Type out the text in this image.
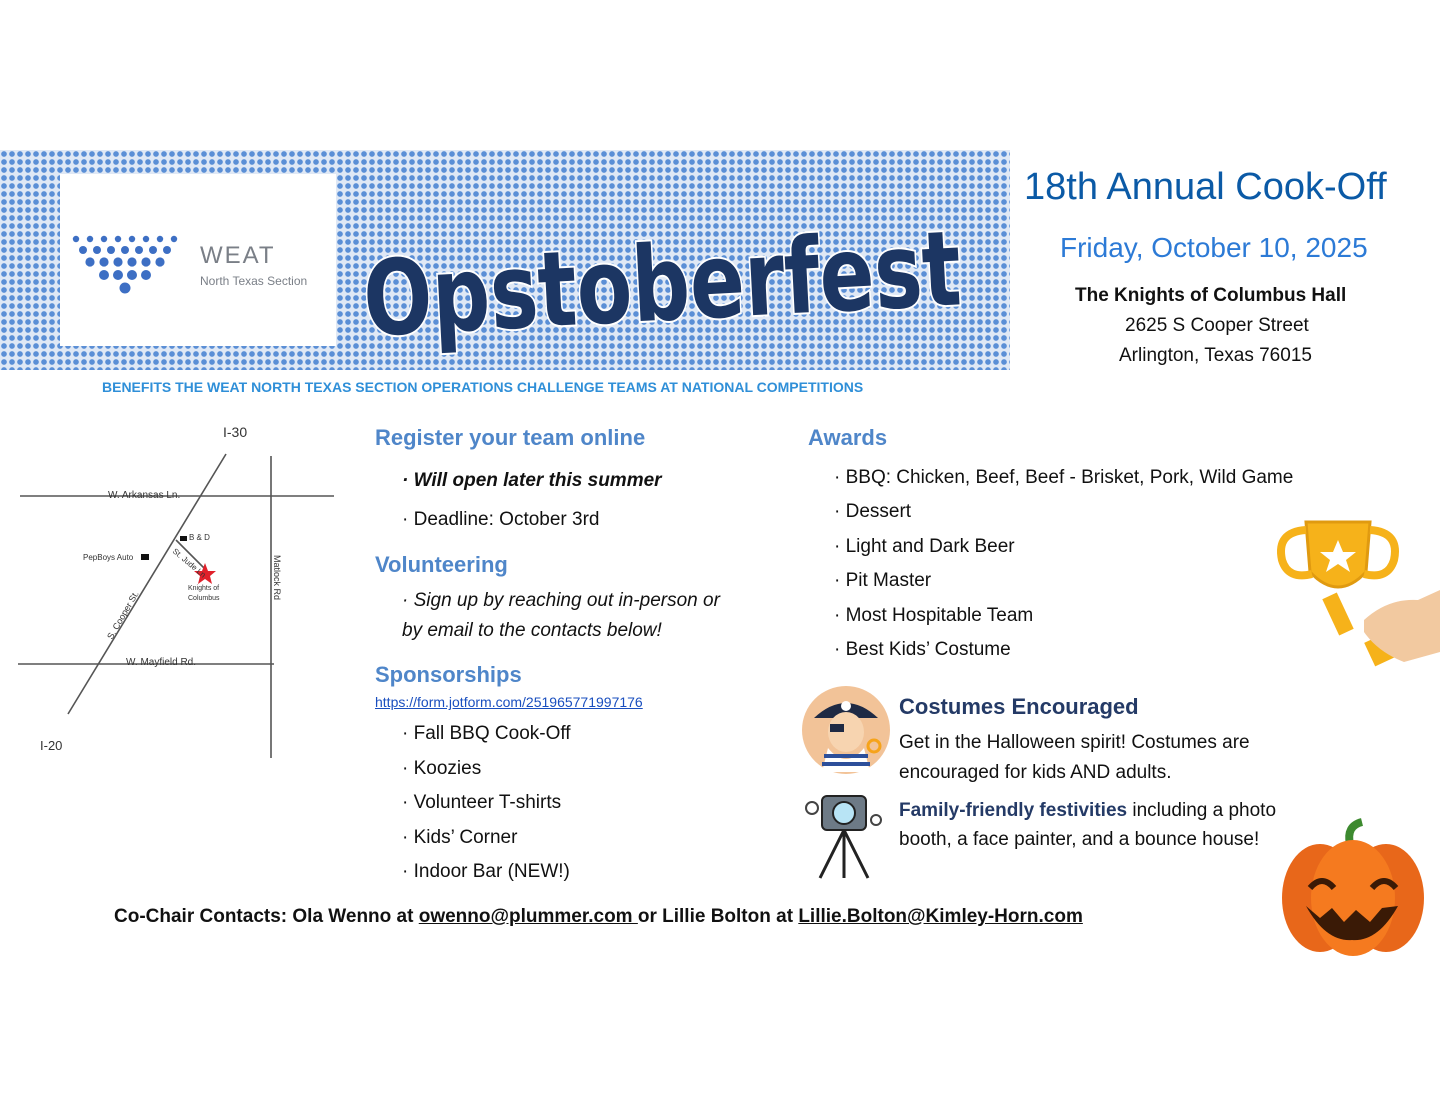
WEAT
North Texas Section Opstoberfest
18th Annual Cook-Off
Friday, October 10, 2025
The Knights of Columbus Hall
2625 S Cooper Street
Arlington, Texas 76015
BENEFITS THE WEAT NORTH TEXAS SECTION OPERATIONS CHALLENGE TEAMS AT NATIONAL COMPETITIONS
I-30
I-20
W. Arkansas Ln.
W. Mayfield Rd.
S. Cooper St.
Matlock Rd
St. Jude Ln
B & D
PepBoys Auto
Knights of
Columbus
Register your team online
· Will open later this summer
· Deadline: October 3rd
Volunteering
· Sign up by reaching out in-person or
by email to the contacts below!
Sponsorships
https://form.jotform.com/251965771997176
· Fall BBQ Cook-Off
· Koozies
· Volunteer T-shirts
· Kids’ Corner
· Indoor Bar (NEW!)
Awards
· BBQ: Chicken, Beef, Beef - Brisket, Pork, Wild Game
· Dessert
· Light and Dark Beer
· Pit Master
· Most Hospitable Team
· Best Kids’ Costume
Costumes Encouraged
Get in the Halloween spirit! Costumes are encouraged for kids AND adults.
Family-friendly festivities including a photo booth, a face painter, and a bounce house!
Co-Chair Contacts: Ola Wenno at owenno@plummer.com or Lillie Bolton at Lillie.Bolton@Kimley-Horn.com
